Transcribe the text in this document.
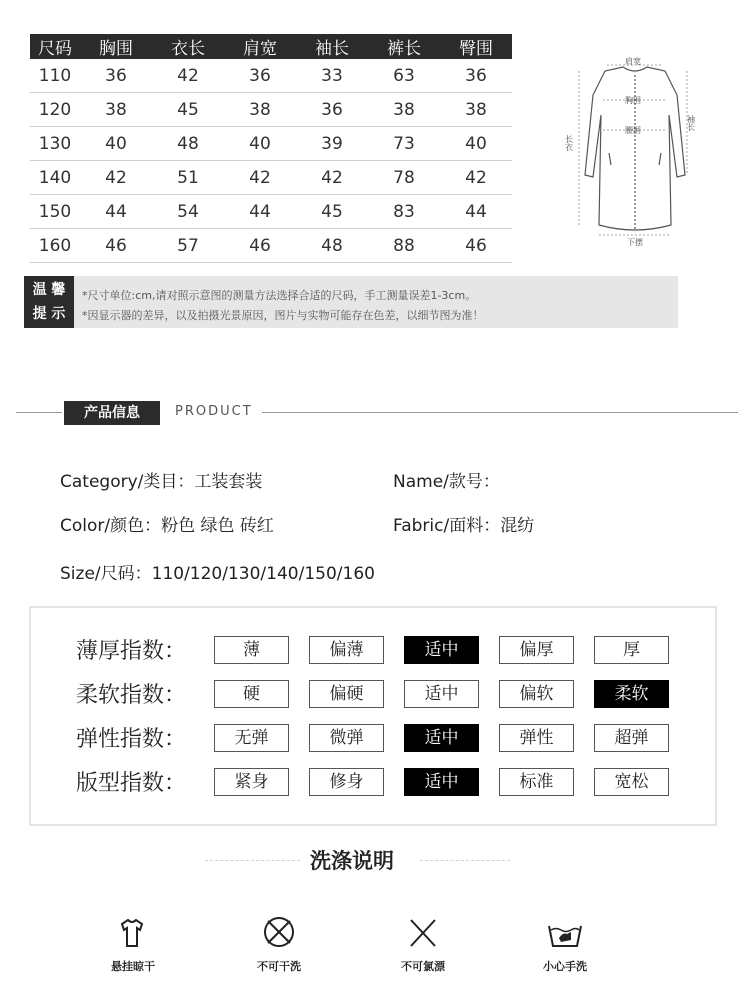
尺码	胸围	衣长	肩宽	袖长	裤长	臀围
110	36	42	36	33	63	36
120	38	45	38	36	38	38
130	40	48	40	39	73	40
140	42	51	42	42	78	42
150	44	54	44	45	83	44
160	46	57	46	48	88	46
肩宽
胸围
腰围
长衣
袖长
下摆
温 馨
提 示
*尺寸单位:cm,请对照示意图的测量方法选择合适的尺码，手工测量误差1-3cm。
*因显示器的差异，以及拍摄光景原因，图片与实物可能存在色差，以细节图为准！
产品信息	PRODUCT
Category/类目：工装套装	Name/款号：
Color/颜色：粉色 绿色 砖红	Fabric/面料：混纺
Size/尺码：110/120/130/140/150/160
薄厚指数：	薄	偏薄	适中	偏厚	厚
柔软指数：	硬	偏硬	适中	偏软	柔软
弹性指数：	无弹	微弹	适中	弹性	超弹
版型指数：	紧身	修身	适中	标准	宽松
洗涤说明
悬挂晾干	不可干洗	不可氯漂	小心手洗
